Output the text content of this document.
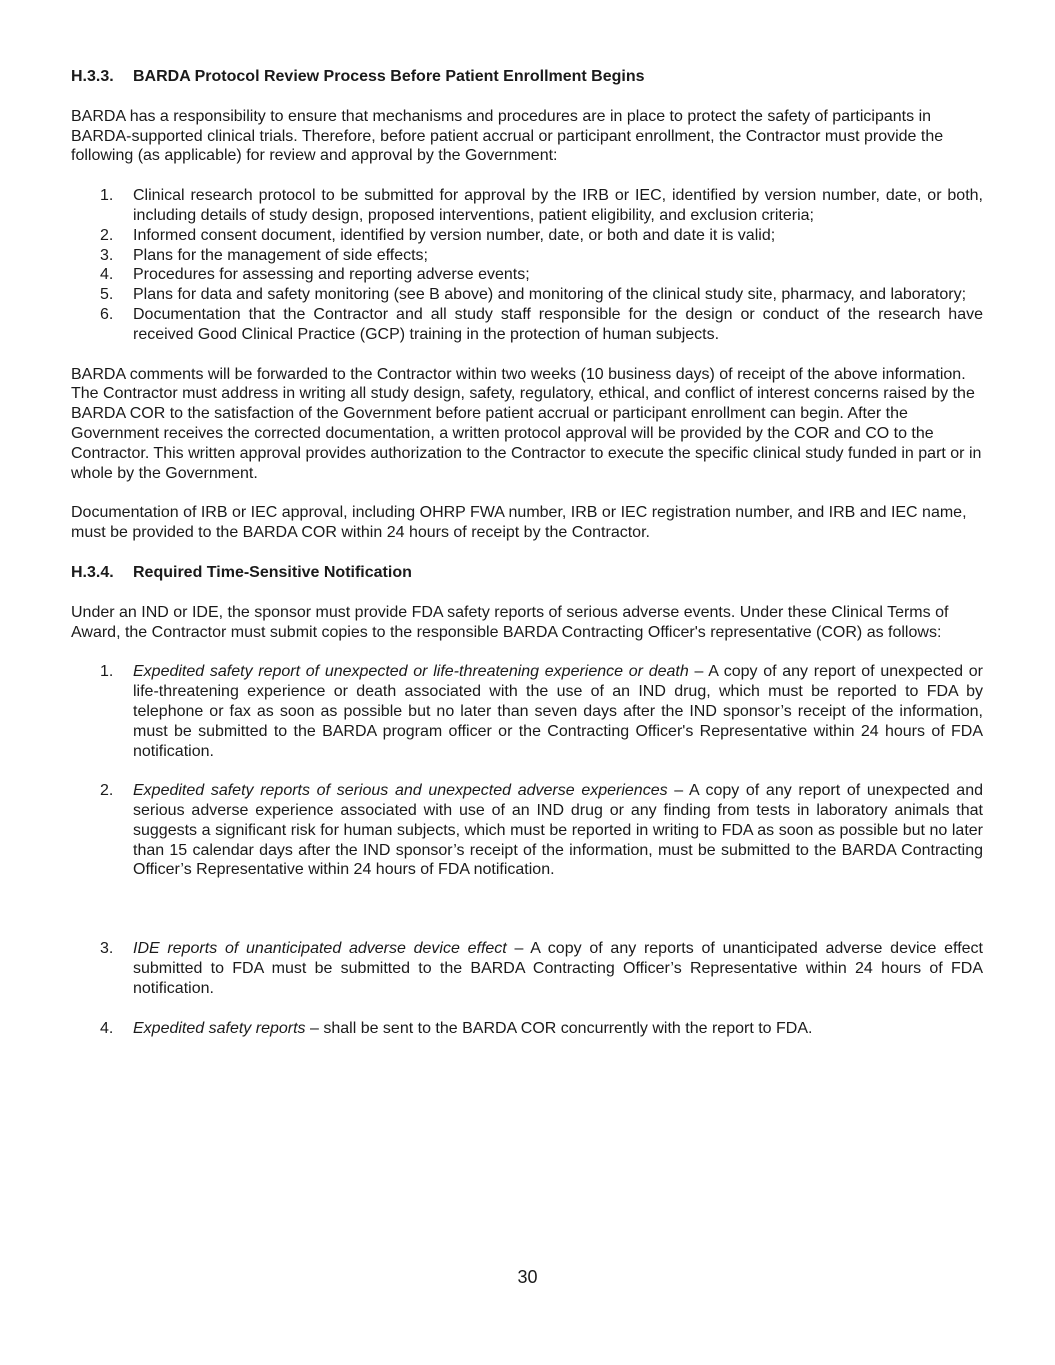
H.3.3. BARDA Protocol Review Process Before Patient Enrollment Begins

BARDA has a responsibility to ensure that mechanisms and procedures are in place to protect the safety of participants in BARDA-supported clinical trials. Therefore, before patient accrual or participant enrollment, the Contractor must provide the following (as applicable) for review and approval by the Government:

1. Clinical research protocol to be submitted for approval by the IRB or IEC, identified by version number, date, or both, including details of study design, proposed interventions, patient eligibility, and exclusion criteria;
2. Informed consent document, identified by version number, date, or both and date it is valid;
3. Plans for the management of side effects;
4. Procedures for assessing and reporting adverse events;
5. Plans for data and safety monitoring (see B above) and monitoring of the clinical study site, pharmacy, and laboratory;
6. Documentation that the Contractor and all study staff responsible for the design or conduct of the research have received Good Clinical Practice (GCP) training in the protection of human subjects.

BARDA comments will be forwarded to the Contractor within two weeks (10 business days) of receipt of the above information. The Contractor must address in writing all study design, safety, regulatory, ethical, and conflict of interest concerns raised by the BARDA COR to the satisfaction of the Government before patient accrual or participant enrollment can begin. After the Government receives the corrected documentation, a written protocol approval will be provided by the COR and CO to the Contractor. This written approval provides authorization to the Contractor to execute the specific clinical study funded in part or in whole by the Government.

Documentation of IRB or IEC approval, including OHRP FWA number, IRB or IEC registration number, and IRB and IEC name, must be provided to the BARDA COR within 24 hours of receipt by the Contractor.

H.3.4. Required Time-Sensitive Notification

Under an IND or IDE, the sponsor must provide FDA safety reports of serious adverse events. Under these Clinical Terms of Award, the Contractor must submit copies to the responsible BARDA Contracting Officer's representative (COR) as follows:

1. Expedited safety report of unexpected or life-threatening experience or death – A copy of any report of unexpected or life-threatening experience or death associated with the use of an IND drug, which must be reported to FDA by telephone or fax as soon as possible but no later than seven days after the IND sponsor’s receipt of the information, must be submitted to the BARDA program officer or the Contracting Officer's Representative within 24 hours of FDA notification.
2. Expedited safety reports of serious and unexpected adverse experiences – A copy of any report of unexpected and serious adverse experience associated with use of an IND drug or any finding from tests in laboratory animals that suggests a significant risk for human subjects, which must be reported in writing to FDA as soon as possible but no later than 15 calendar days after the IND sponsor’s receipt of the information, must be submitted to the BARDA Contracting Officer’s Representative within 24 hours of FDA notification.
3. IDE reports of unanticipated adverse device effect – A copy of any reports of unanticipated adverse device effect submitted to FDA must be submitted to the BARDA Contracting Officer’s Representative within 24 hours of FDA notification.
4. Expedited safety reports – shall be sent to the BARDA COR concurrently with the report to FDA.
30
